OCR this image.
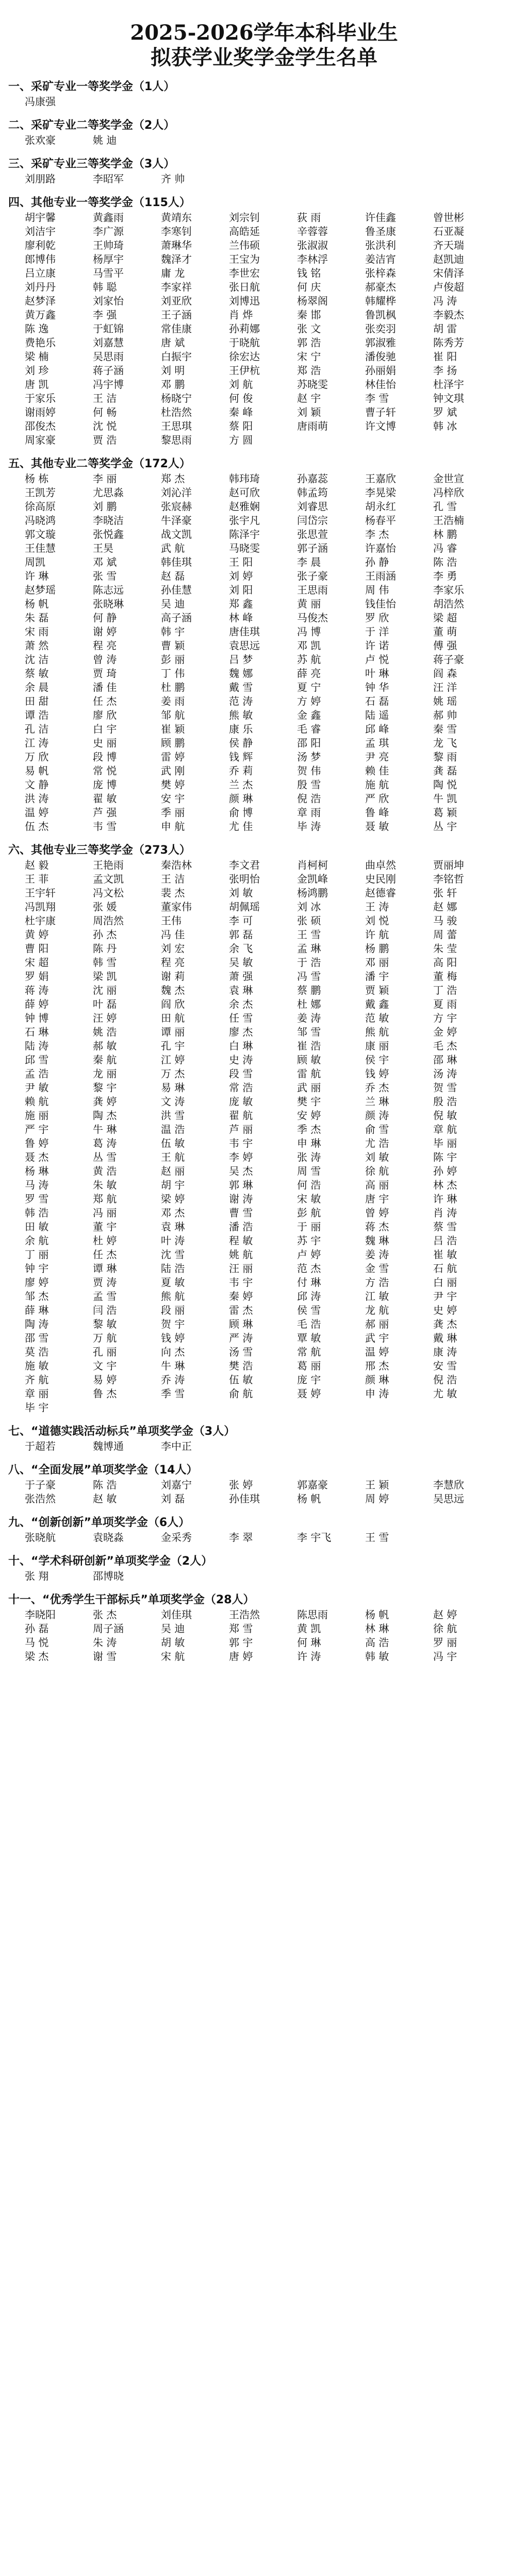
2025-2026学年本科毕业生
拟获学业奖学金学生名单
一、采矿专业一等奖学金（1人）
冯康强
二、采矿专业二等奖学金（2人）
张欢豪	姚 迪
三、采矿专业三等奖学金（3人）
刘朋路	李昭军	齐 帅
四、其他专业一等奖学金（115人）
胡宇馨	黄鑫雨	黄靖东	刘宗钊	荻 雨	许佳鑫	曾世彬
刘洁宇	李广源	李寒钊	高皓延	辛蓉蓉	鲁圣康	石亚凝
廖利乾	王帅琦	萧琳华	兰伟硕	张淑淑	张洪利	齐天瑞
郎博伟	杨厚宇	魏泽才	王宝为	李林浮	姜洁宵	赵凯迪
吕立康	马雪平	庸 龙	李世宏	钱 铭	张梓森	宋倩泽
刘丹丹	韩 聪	李家祥	张日航	何 庆	郝豪杰	卢俊超
赵梦泽	刘家怡	刘亚欣	刘博迅	杨翠阁	韩耀桦	冯 涛
黄万鑫	李 强	王子涵	肖 烨	秦 邯	鲁凯枫	李毅杰
陈 逸	于虹锦	常佳康	孙莉娜	张 文	张奕羽	胡 雷
费艳乐	刘嘉慧	唐 斌	于晓航	郭 浩	郭淑雅	陈秀芳
梁 楠	吴思雨	白振宇	徐宏达	宋 宁	潘俊驰	崔 阳
刘 珍	蒋子涵	刘 明	王伊杭	郑 浩	孙丽娟	李 扬
唐 凯	冯宇博	邓 鹏	刘 航	苏晓雯	林佳怡	杜泽宇
于家乐	王 洁	杨晓宁	何 俊	赵 宇	李 雪	钟文琪
谢雨婷	何 畅	杜浩然	秦 峰	刘 颖	曹子轩	罗 斌
邵俊杰	沈 悦	王思琪	蔡 阳	唐雨萌	许文博	韩 冰
周家豪	贾 浩	黎思雨	方 圆
五、其他专业二等奖学金（172人）
杨 栋	李 丽	郑 杰	韩玮琦	孙嘉蕊	王嘉欣	金世宣
王凯芳	尤思淼	刘沁洋	赵可欣	韩孟筠	李晃梁	冯梓欣
徐高原	刘 鹏	张宸赫	赵雅娴	刘睿思	胡永红	孔 雪
冯晓鸿	李晓洁	牛泽豪	张宇凡	闫岱宗	杨春平	王浩楠
郭文璇	张悦鑫	战文凯	陈泽宇	张思萱	李 杰	林 鹏
王佳慧	王昊	武 航	马晓雯	郭子涵	许嘉怡	冯 睿
周凯	邓 斌	韩佳琪	王 阳	李 晨	孙 静	陈 浩
许 琳	张 雪	赵 磊	刘 婷	张子豪	王雨涵	李 勇
赵梦瑶	陈志远	孙佳慧	刘 阳	王思雨	周 伟	李家乐
杨 帆	张晓琳	吴 迪	郑 鑫	黄 丽	钱佳怡	胡浩然
朱 磊	何 静	高子涵	林 峰	马俊杰	罗 欣	梁 超
宋 雨	谢 婷	韩 宇	唐佳琪	冯 博	于 洋	董 萌
萧 然	程 亮	曹 颖	袁思远	邓 凯	许 诺	傅 强
沈 洁	曾 涛	彭 丽	吕 梦	苏 航	卢 悦	蒋子豪
蔡 敏	贾 琦	丁 伟	魏 娜	薛 亮	叶 琳	阎 森
余 晨	潘 佳	杜 鹏	戴 雪	夏 宁	钟 华	汪 洋
田 甜	任 杰	姜 雨	范 涛	方 婷	石 磊	姚 瑶
谭 浩	廖 欣	邹 航	熊 敏	金 鑫	陆 遥	郝 帅
孔 洁	白 宇	崔 颖	康 乐	毛 睿	邱 峰	秦 雪
江 涛	史 丽	顾 鹏	侯 静	邵 阳	孟 琪	龙 飞
万 欣	段 博	雷 婷	钱 辉	汤 梦	尹 亮	黎 雨
易 帆	常 悦	武 刚	乔 莉	贺 伟	赖 佳	龚 磊
文 静	庞 博	樊 婷	兰 杰	殷 雪	施 航	陶 悦
洪 涛	翟 敏	安 宇	颜 琳	倪 浩	严 欣	牛 凯
温 婷	芦 强	季 丽	俞 博	章 雨	鲁 峰	葛 颖
伍 杰	韦 雪	申 航	尤 佳	毕 涛	聂 敏	丛 宇
六、其他专业三等奖学金（273人）
赵 毅	王艳雨	秦浩林	李文君	肖柯柯	曲卓然	贾丽坤
王 菲	孟文凯	王 洁	张明怡	金凯峰	史民刚	李铭哲
王宇轩	冯文松	裴 杰	刘 敏	杨鸿鹏	赵德睿	张 轩
冯凯翔	张 媛	董家伟	胡佩瑶	刘 冰	王 涛	赵 娜
杜宇康	周浩然	王伟	李 可	张 硕	刘 悦	马 骏
黄 婷	孙 杰	冯 佳	郭 磊	王 雪	许 航	周 蕾
曹 阳	陈 丹	刘 宏	余 飞	孟 琳	杨 鹏	朱 莹
宋 超	韩 雪	程 亮	吴 敏	于 浩	邓 丽	高 阳
罗 娟	梁 凯	谢 莉	萧 强	冯 雪	潘 宇	董 梅
蒋 涛	沈 丽	魏 杰	袁 琳	蔡 鹏	贾 颖	丁 浩
薛 婷	叶 磊	阎 欣	余 杰	杜 娜	戴 鑫	夏 雨
钟 博	汪 婷	田 航	任 雪	姜 涛	范 敏	方 宇
石 琳	姚 浩	谭 丽	廖 杰	邹 雪	熊 航	金 婷
陆 涛	郝 敏	孔 宇	白 琳	崔 浩	康 丽	毛 杰
邱 雪	秦 航	江 婷	史 涛	顾 敏	侯 宇	邵 琳
孟 浩	龙 丽	万 杰	段 雪	雷 航	钱 婷	汤 涛
尹 敏	黎 宇	易 琳	常 浩	武 丽	乔 杰	贺 雪
赖 航	龚 婷	文 涛	庞 敏	樊 宇	兰 琳	殷 浩
施 丽	陶 杰	洪 雪	翟 航	安 婷	颜 涛	倪 敏
严 宇	牛 琳	温 浩	芦 丽	季 杰	俞 雪	章 航
鲁 婷	葛 涛	伍 敏	韦 宇	申 琳	尤 浩	毕 丽
聂 杰	丛 雪	王 航	李 婷	张 涛	刘 敏	陈 宇
杨 琳	黄 浩	赵 丽	吴 杰	周 雪	徐 航	孙 婷
马 涛	朱 敏	胡 宇	郭 琳	何 浩	高 丽	林 杰
罗 雪	郑 航	梁 婷	谢 涛	宋 敏	唐 宇	许 琳
韩 浩	冯 丽	邓 杰	曹 雪	彭 航	曾 婷	肖 涛
田 敏	董 宇	袁 琳	潘 浩	于 丽	蒋 杰	蔡 雪
余 航	杜 婷	叶 涛	程 敏	苏 宇	魏 琳	吕 浩
丁 丽	任 杰	沈 雪	姚 航	卢 婷	姜 涛	崔 敏
钟 宇	谭 琳	陆 浩	汪 丽	范 杰	金 雪	石 航
廖 婷	贾 涛	夏 敏	韦 宇	付 琳	方 浩	白 丽
邹 杰	孟 雪	熊 航	秦 婷	邱 涛	江 敏	尹 宇
薛 琳	闫 浩	段 丽	雷 杰	侯 雪	龙 航	史 婷
陶 涛	黎 敏	贺 宇	顾 琳	毛 浩	郝 丽	龚 杰
邵 雪	万 航	钱 婷	严 涛	覃 敏	武 宇	戴 琳
莫 浩	孔 丽	向 杰	汤 雪	常 航	温 婷	康 涛
施 敏	文 宇	牛 琳	樊 浩	葛 丽	邢 杰	安 雪
齐 航	易 婷	乔 涛	伍 敏	庞 宇	颜 琳	倪 浩
章 丽	鲁 杰	季 雪	俞 航	聂 婷	申 涛	尤 敏
毕 宇
七、“道德实践活动标兵”单项奖学金（3人）
于超若	魏博通	李中正
八、“全面发展”单项奖学金（14人）
于子豪	陈 浩	刘嘉宁	张 婷	郭嘉豪	王 颖	李慧欣
张浩然	赵 敏	刘 磊	孙佳琪	杨 帆	周 婷	吴思远
九、“创新创新”单项奖学金（6人）
张晓航	袁晓淼	金采秀	李 翠	李 宇飞	王 雪
十、“学术科研创新”单项奖学金（2人）
张 翔	邵博晓
十一、“优秀学生干部标兵”单项奖学金（28人）
李晓阳	张 杰	刘佳琪	王浩然	陈思雨	杨 帆	赵 婷
孙 磊	周子涵	吴 迪	郑 雪	黄 凯	林 琳	徐 航
马 悦	朱 涛	胡 敏	郭 宇	何 琳	高 浩	罗 丽
梁 杰	谢 雪	宋 航	唐 婷	许 涛	韩 敏	冯 宇
